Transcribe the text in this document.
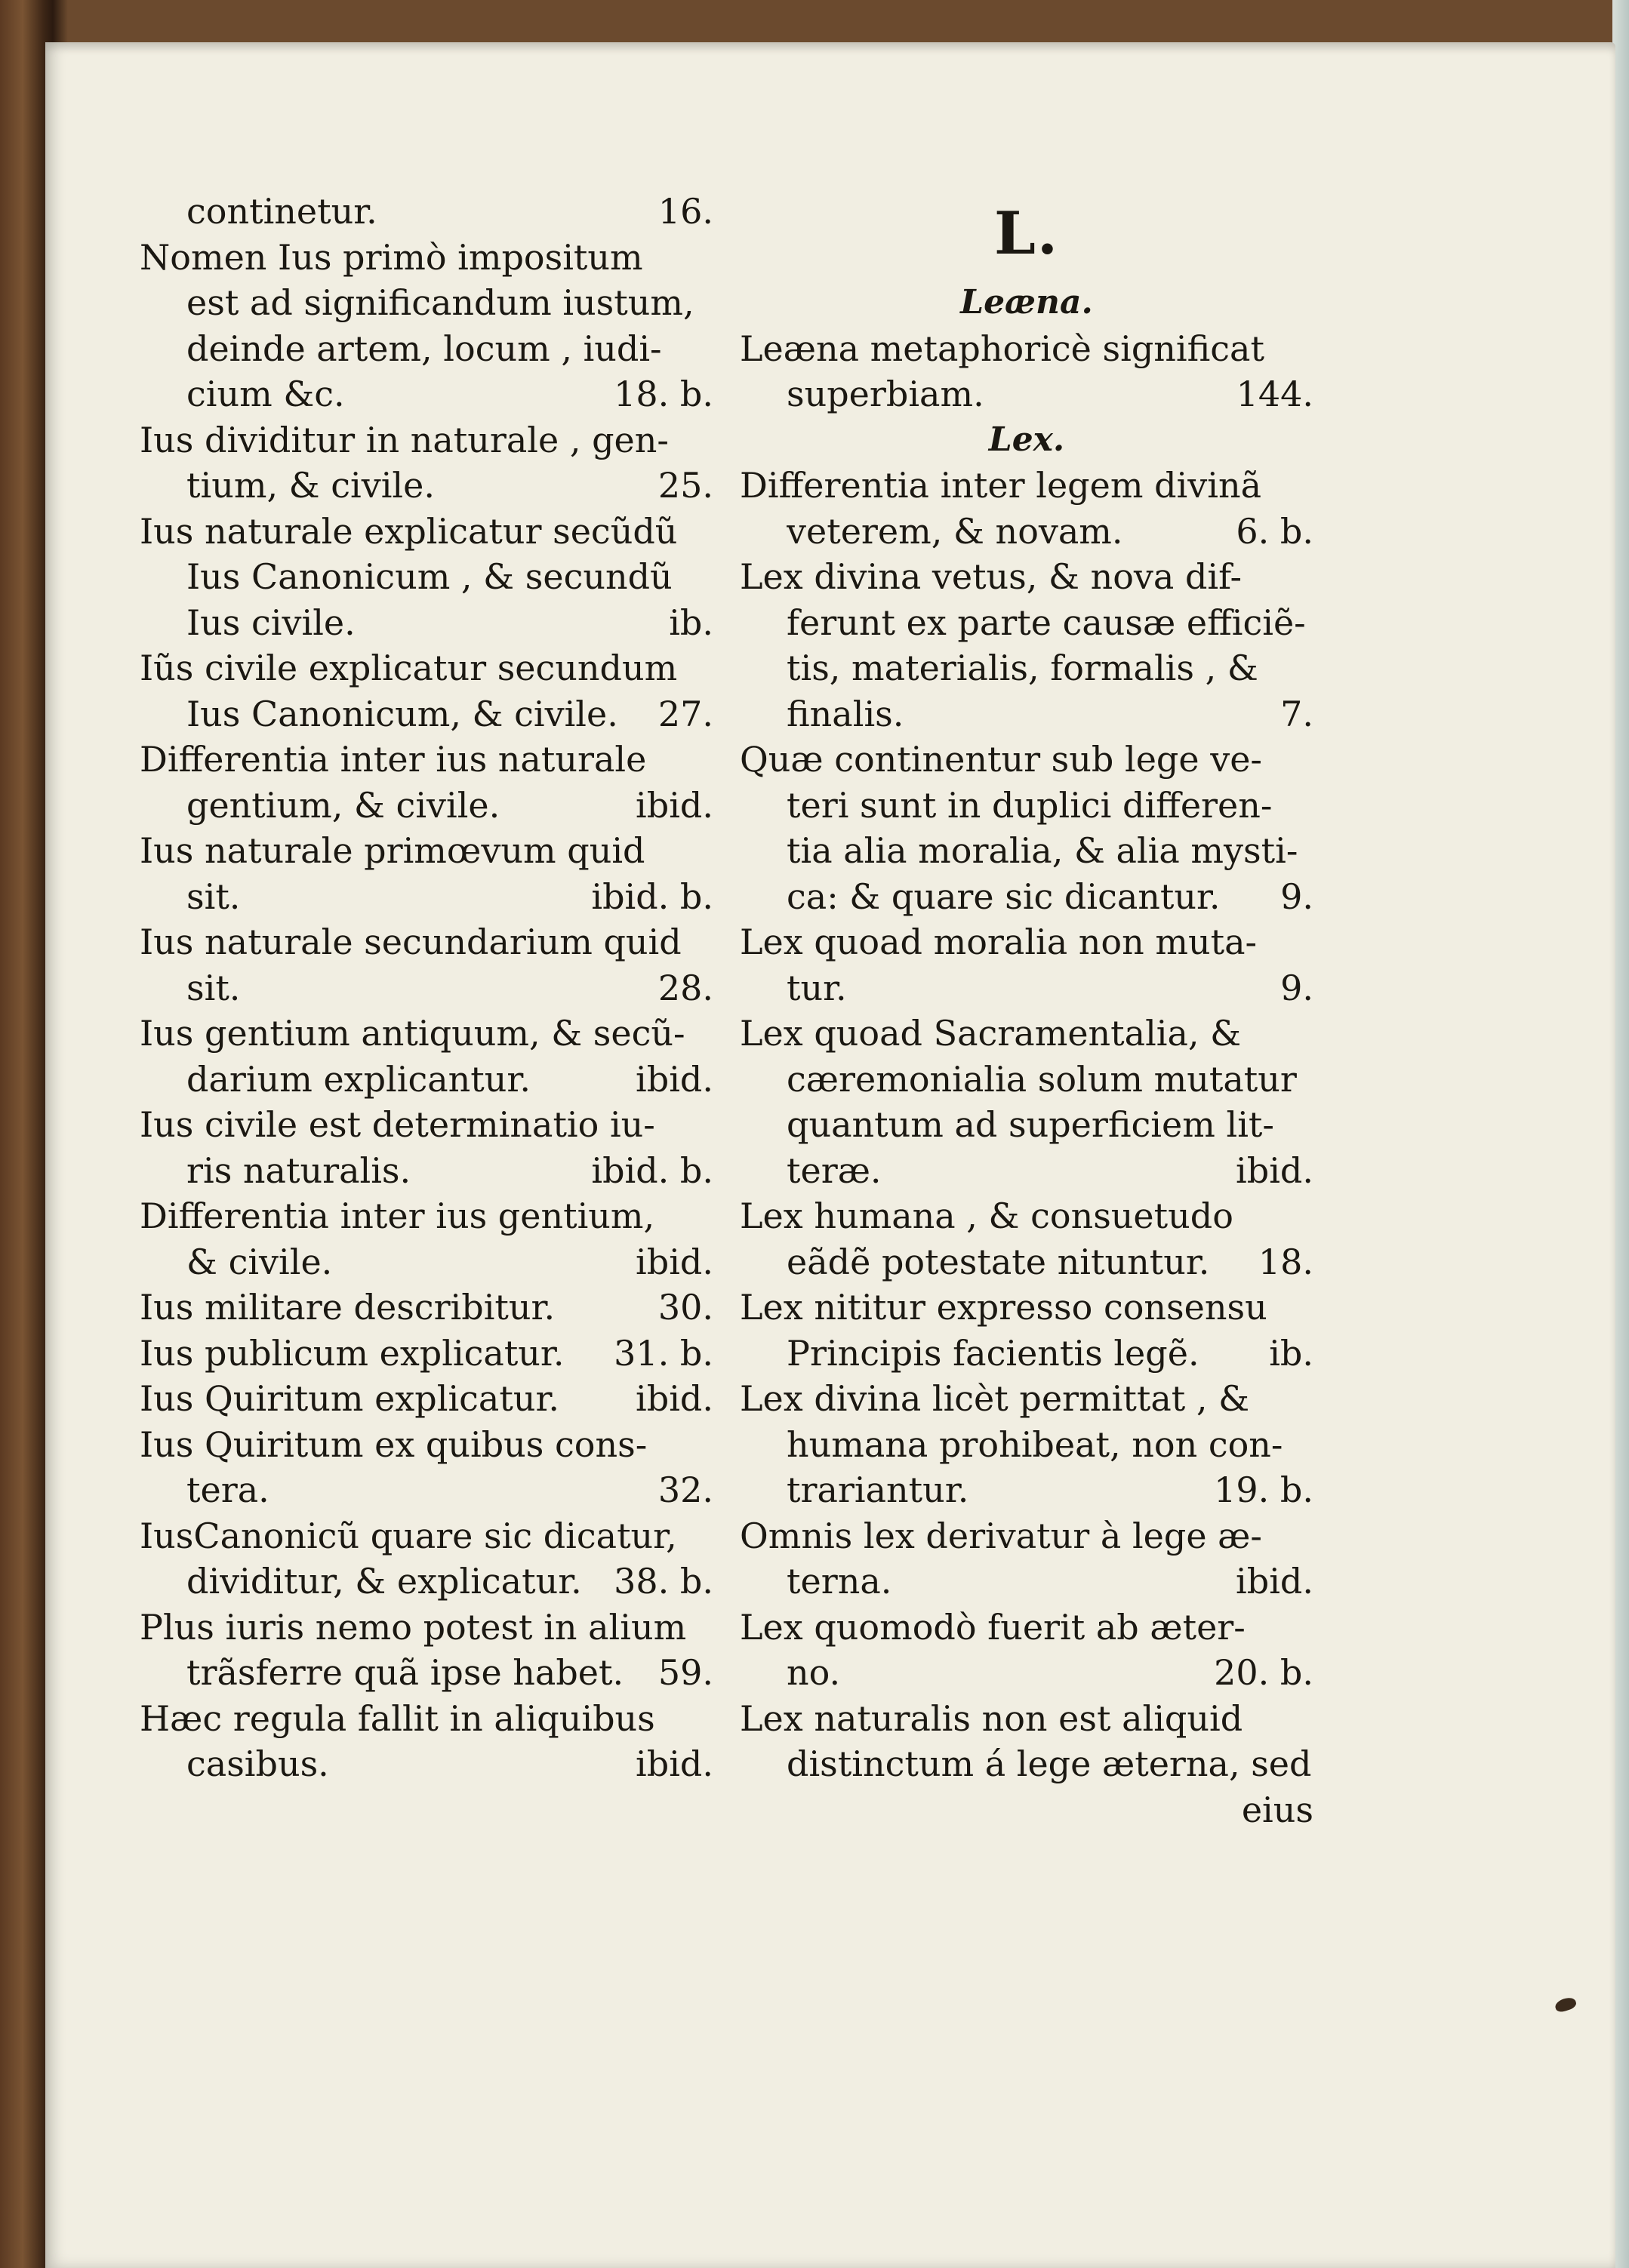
continetur.	16.
Nomen Ius primò impositum
est ad significandum iustum,
deinde artem, locum , iudi-
cium &c.	18. b.
Ius dividitur in naturale , gen-
tium, & civile.	25.
Ius naturale explicatur secũdũ
Ius Canonicum , & secundũ
Ius civile.	ib.
Iũs civile explicatur secundum
Ius Canonicum, & civile.	27.
Differentia inter ius naturale
gentium, & civile.	ibid.
Ius naturale primœvum quid
sit.	ibid. b.
Ius naturale secundarium quid
sit.	28.
Ius gentium antiquum, & secũ-
darium explicantur.	ibid.
Ius civile est determinatio iu-
ris naturalis.	ibid. b.
Differentia inter ius gentium,
& civile.	ibid.
Ius militare describitur.	30.
Ius publicum explicatur.	31. b.
Ius Quiritum explicatur.	ibid.
Ius Quiritum ex quibus cons-
tera.	32.
IusCanonicũ quare sic dicatur,
dividitur, & explicatur. 38. b.
Plus iuris nemo potest in alium
trãsferre quã ipse habet. 59.
Hæc regula fallit in aliquibus
casibus.	ibid.
L.
Leæna.
Leæna metaphoricè significat
superbiam.	144.
Lex.
Differentia inter legem divinã
veterem, & novam.	6. b.
Lex divina vetus, & nova dif-
ferunt ex parte causæ efficiẽ-
tis, materialis, formalis , &
finalis.	7.
Quæ continentur sub lege ve-
teri sunt in duplici differen-
tia alia moralia, & alia mysti-
ca: & quare sic dicantur.	9.
Lex quoad moralia non muta-
tur.	9.
Lex quoad Sacramentalia, &
cæremonialia solum mutatur
quantum ad superficiem lit-
teræ.	ibid.
Lex humana , & consuetudo
eãdẽ potestate nituntur.	18.
Lex nititur expresso consensu
Principis facientis legẽ.	ib.
Lex divina licèt permittat , &
humana prohibeat, non con-
trariantur.	19. b.
Omnis lex derivatur à lege æ-
terna.	ibid.
Lex quomodò fuerit ab æter-
no.	20. b.
Lex naturalis non est aliquid
distinctum á lege æterna, sed
eius
